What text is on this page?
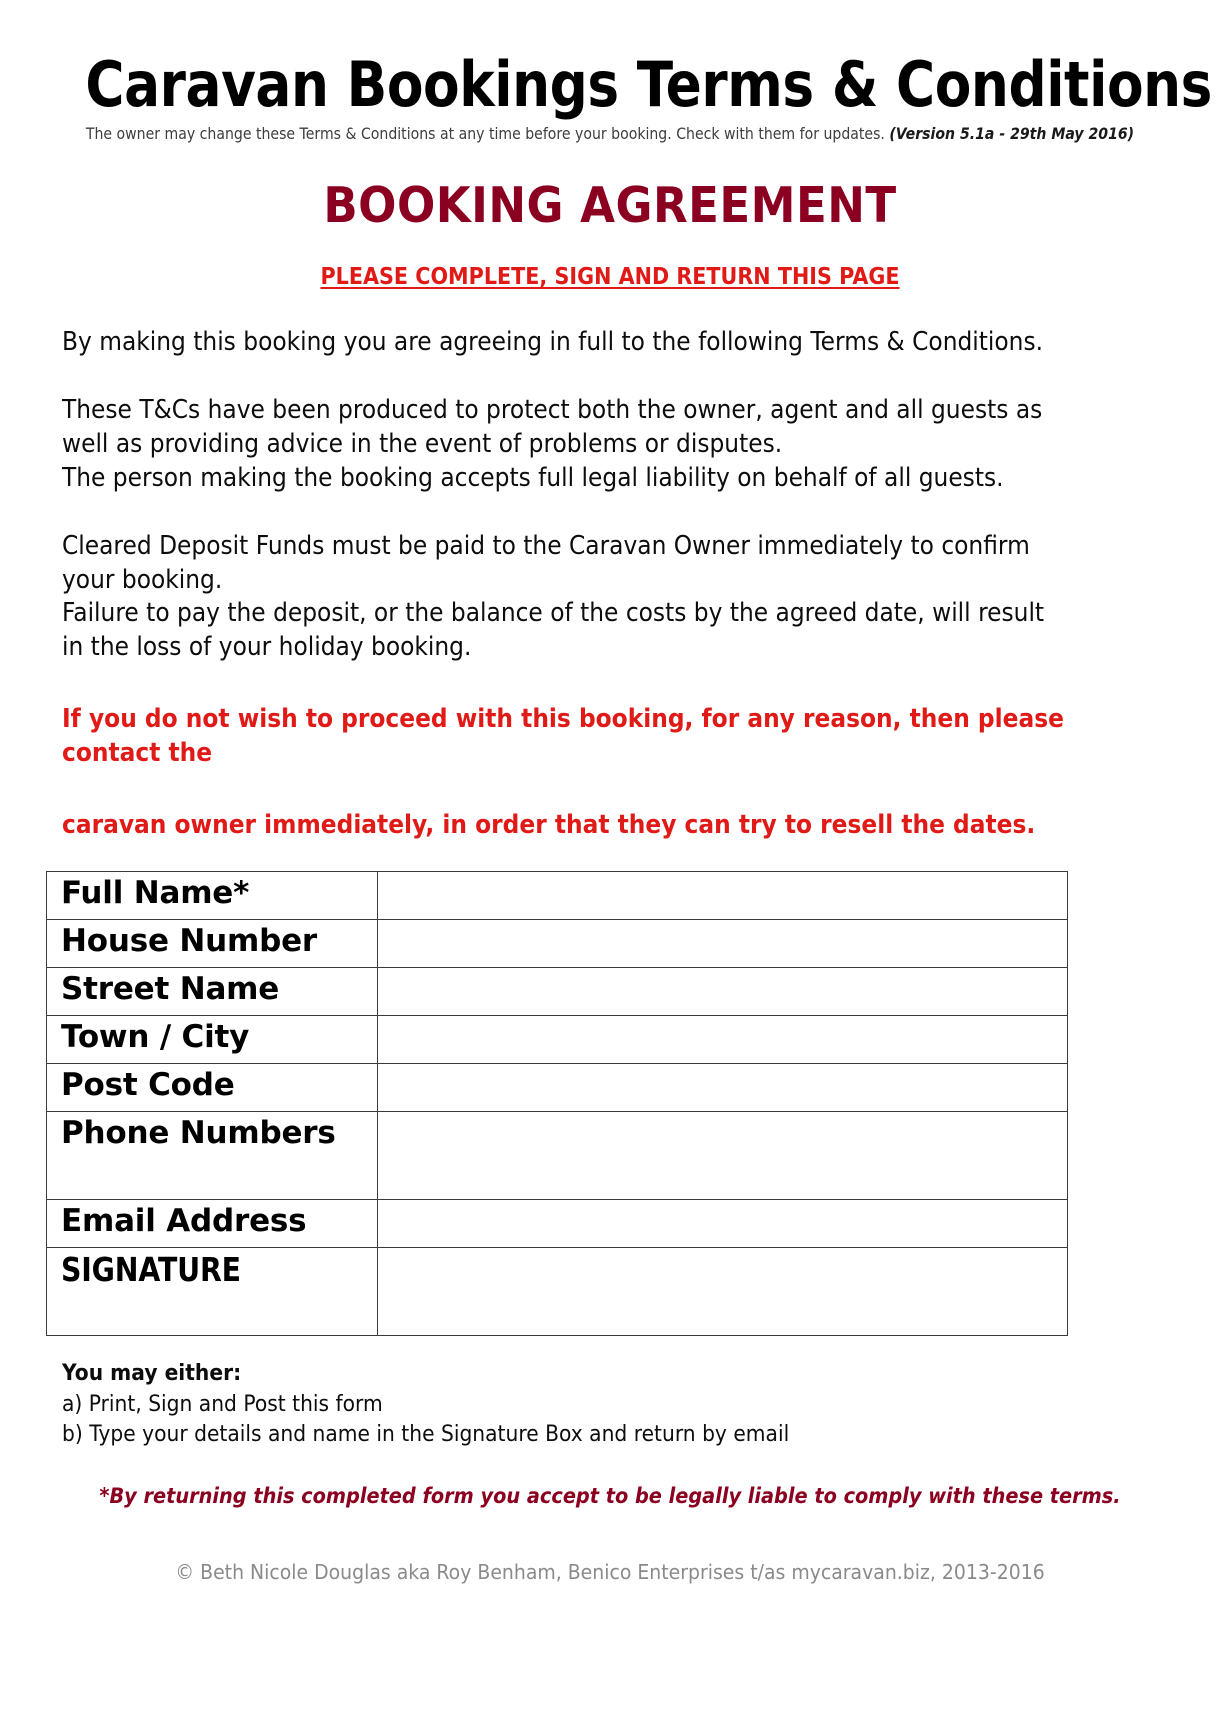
Caravan Bookings Terms & Conditions

The owner may change these Terms & Conditions at any time before your booking. Check with them for updates. (Version 5.1a - 29th May 2016)

BOOKING AGREEMENT

PLEASE COMPLETE, SIGN AND RETURN THIS PAGE

By making this booking you are agreeing in full to the following Terms & Conditions.

These T&Cs have been produced to protect both the owner, agent and all guests as

well as providing advice in the event of problems or disputes.

The person making the booking accepts full legal liability on behalf of all guests.

Cleared Deposit Funds must be paid to the Caravan Owner immediately to confirm

your booking.

Failure to pay the deposit, or the balance of the costs by the agreed date, will result

in the loss of your holiday booking.

If you do not wish to proceed with this booking, for any reason, then please contact the

caravan owner immediately, in order that they can try to resell the dates.

Full Name*	

House Number	

Street Name	

Town / City	

Post Code	

Phone Numbers	

Email Address	

SIGNATURE	

You may either:

a) Print, Sign and Post this form

b) Type your details and name in the Signature Box and return by email

*By returning this completed form you accept to be legally liable to comply with these terms.

© Beth Nicole Douglas aka Roy Benham, Benico Enterprises t/as mycaravan.biz, 2013-2016
